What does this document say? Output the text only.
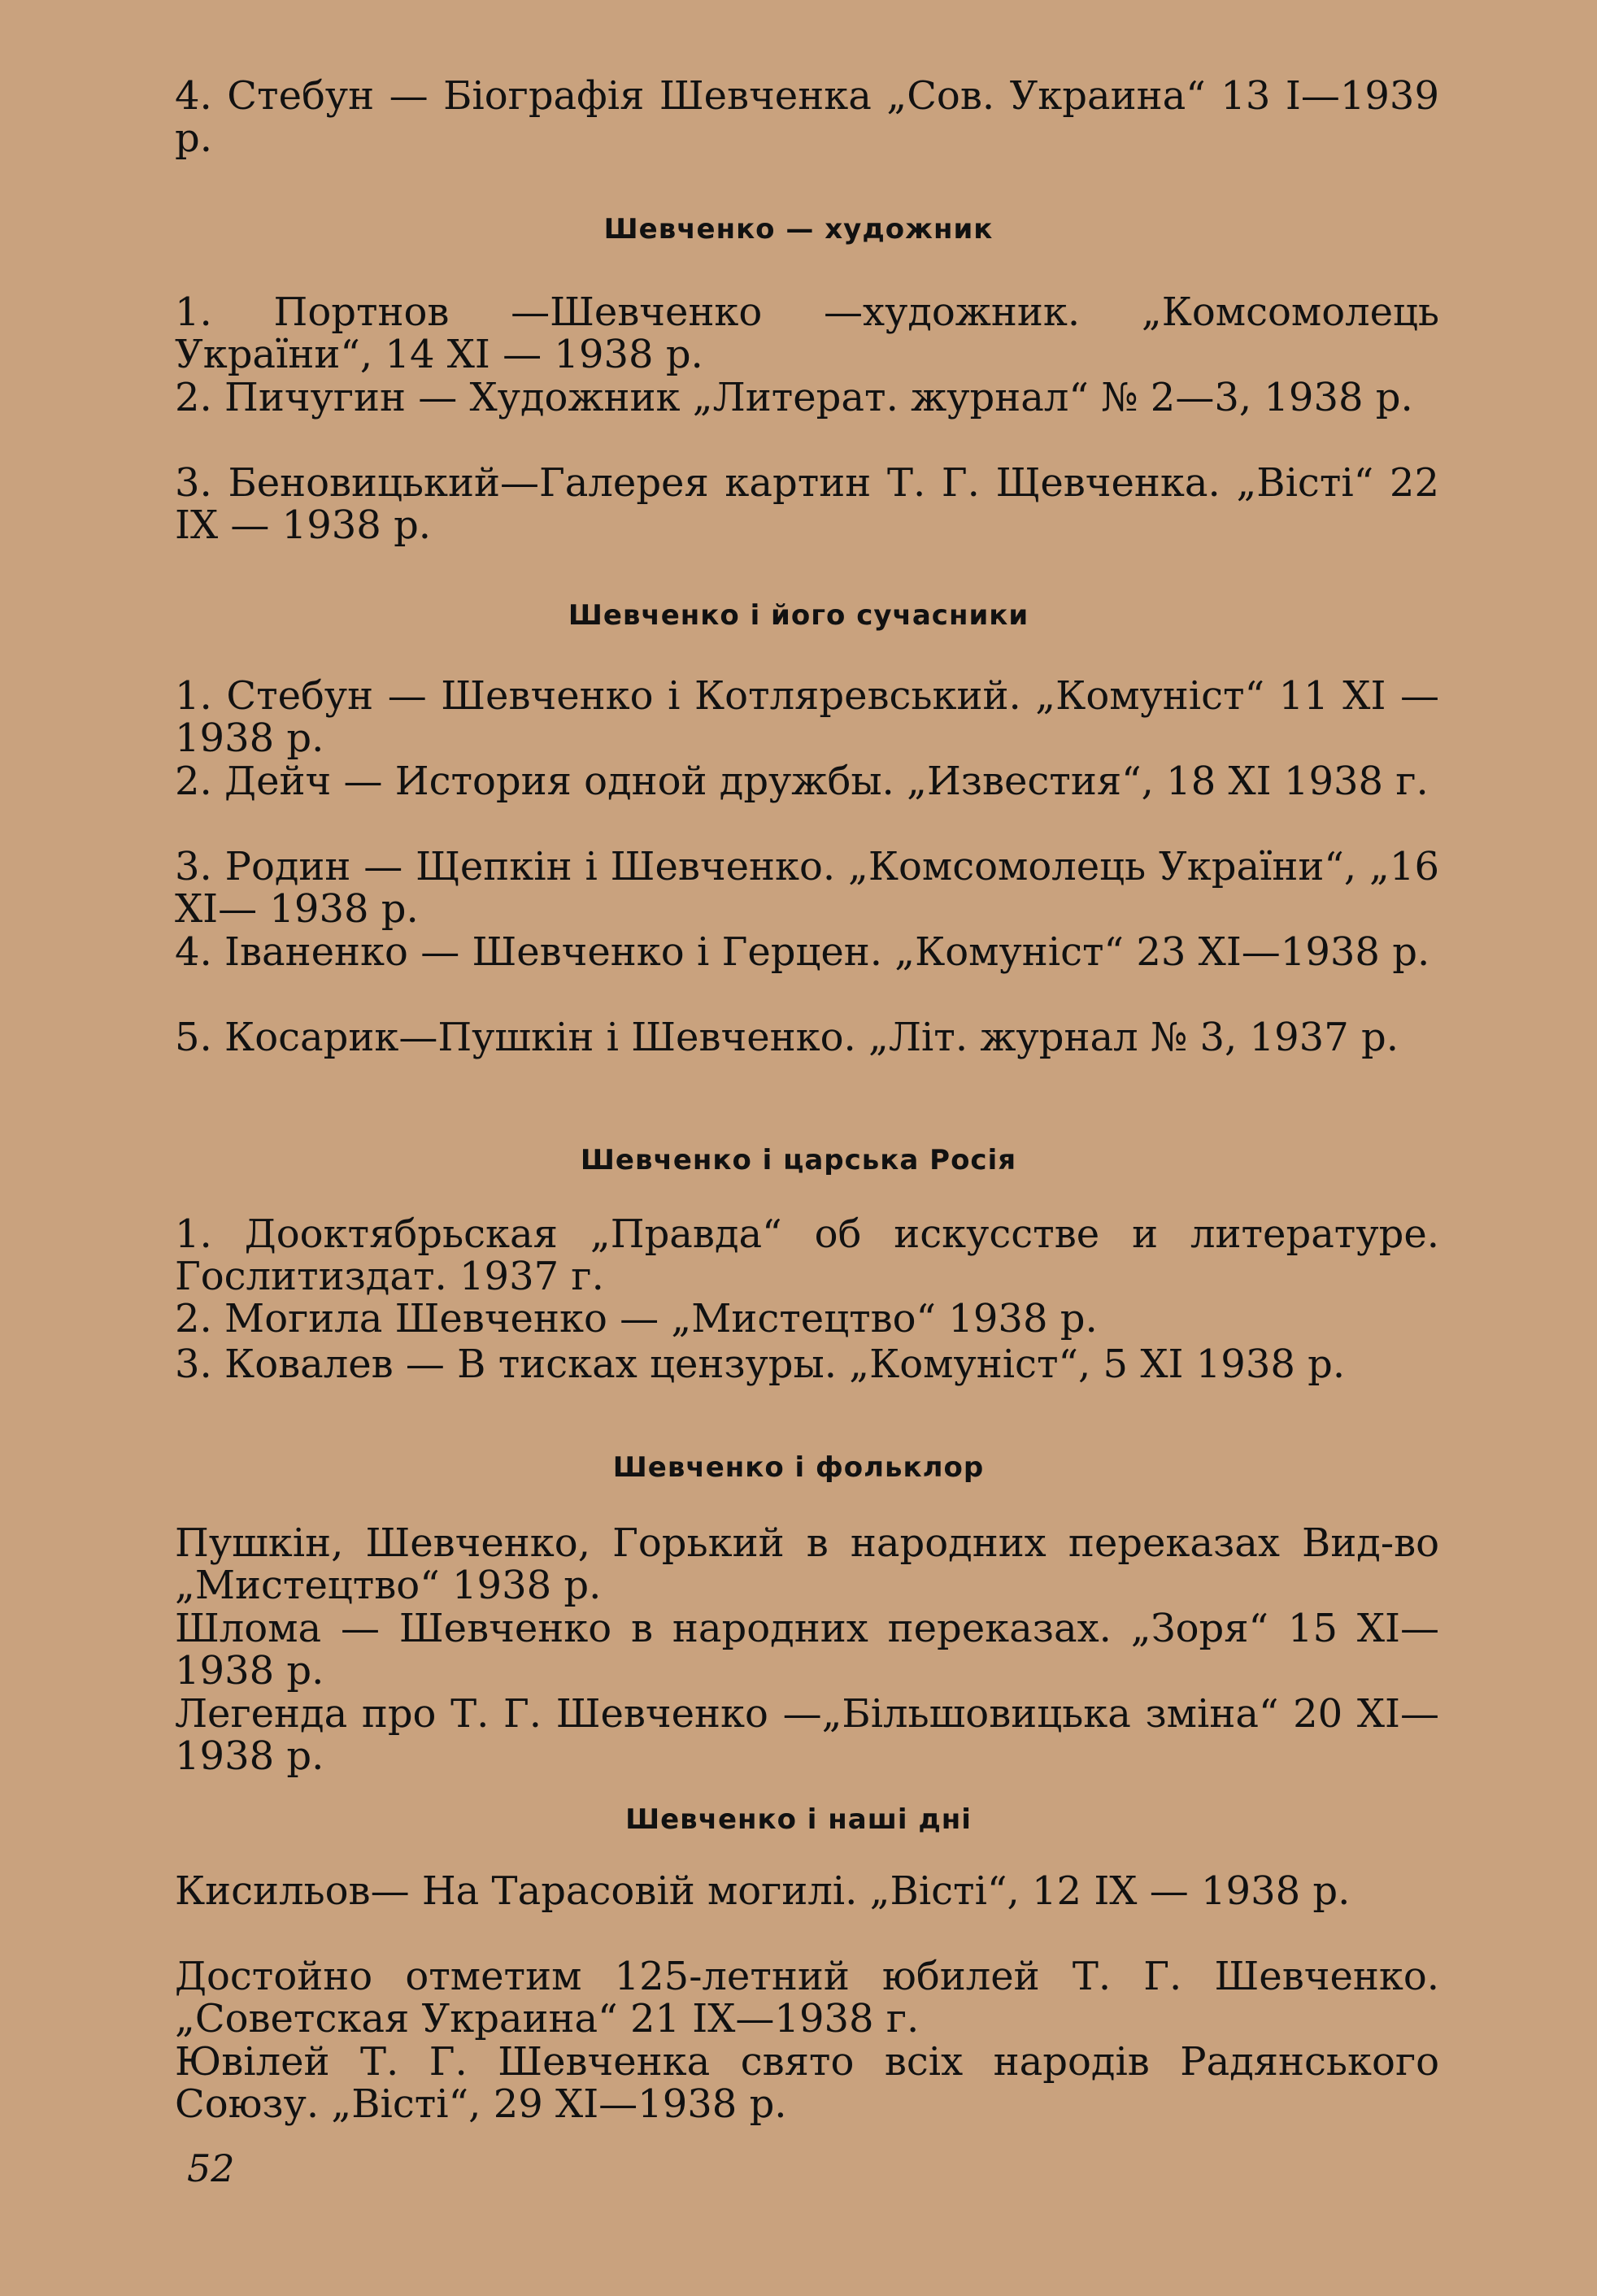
4. Стебун — Біографія Шевченка „Сов. Украина“ 13 I—1939 р.
Шевченко — художник
1. Портнов —Шевченко —художник. „Комсомолець України“, 14 XI — 1938 р.
2. Пичугин — Художник „Литерат. журнал“ № 2—3, 1938 р.
3. Бенoвицький—Галерея картин Т. Г. Щевченка. „Вісті“ 22 IX — 1938 р.
Шевченко і його сучасники
1. Стебун — Шевченко і Котляревський. „Комуніст“ 11 XI — 1938 р.
2. Дейч — История одной дружбы. „Известия“, 18 XI 1938 г.
3. Родин — Щепкін і Шевченко. „Комсомолець України“, „16 XI— 1938 р.
4. Іваненко — Шевченко і Герцен. „Комуніст“ 23 XI—1938 р.
5. Косарик—Пушкін і Шевченко. „Літ. журнал № 3, 1937 р.
Шевченко і царська Росія
1. Дооктябрьская „Правда“ об искусстве и литературе. Гослитиздат. 1937 г.
2. Могила Шевченко — „Мистецтво“ 1938 р.
3. Ковалев — В тисках цензуры. „Комуніст“, 5 XI 1938 р.
Шевченко і фольклор
Пушкін, Шевченко, Горький в народних переказах Вид-во „Мистецтво“ 1938 р.
Шлома — Шевченко в народних переказах. „Зоря“ 15 XI—1938 р.
Легенда про Т. Г. Шевченко —„Більшовицька зміна“ 20 XI—1938 р.
Шевченко і наші дні
Кисильов— На Тарасовій могилі. „Вісті“, 12 IX — 1938 р.
Достойно отметим 125-летний юбилей Т. Г. Шевченко. „Советская Украина“ 21 IX—1938 г.
Ювілей Т. Г. Шевченка свято всіх народів Радянського Союзу. „Вісті“, 29 XI—1938 р.
52
